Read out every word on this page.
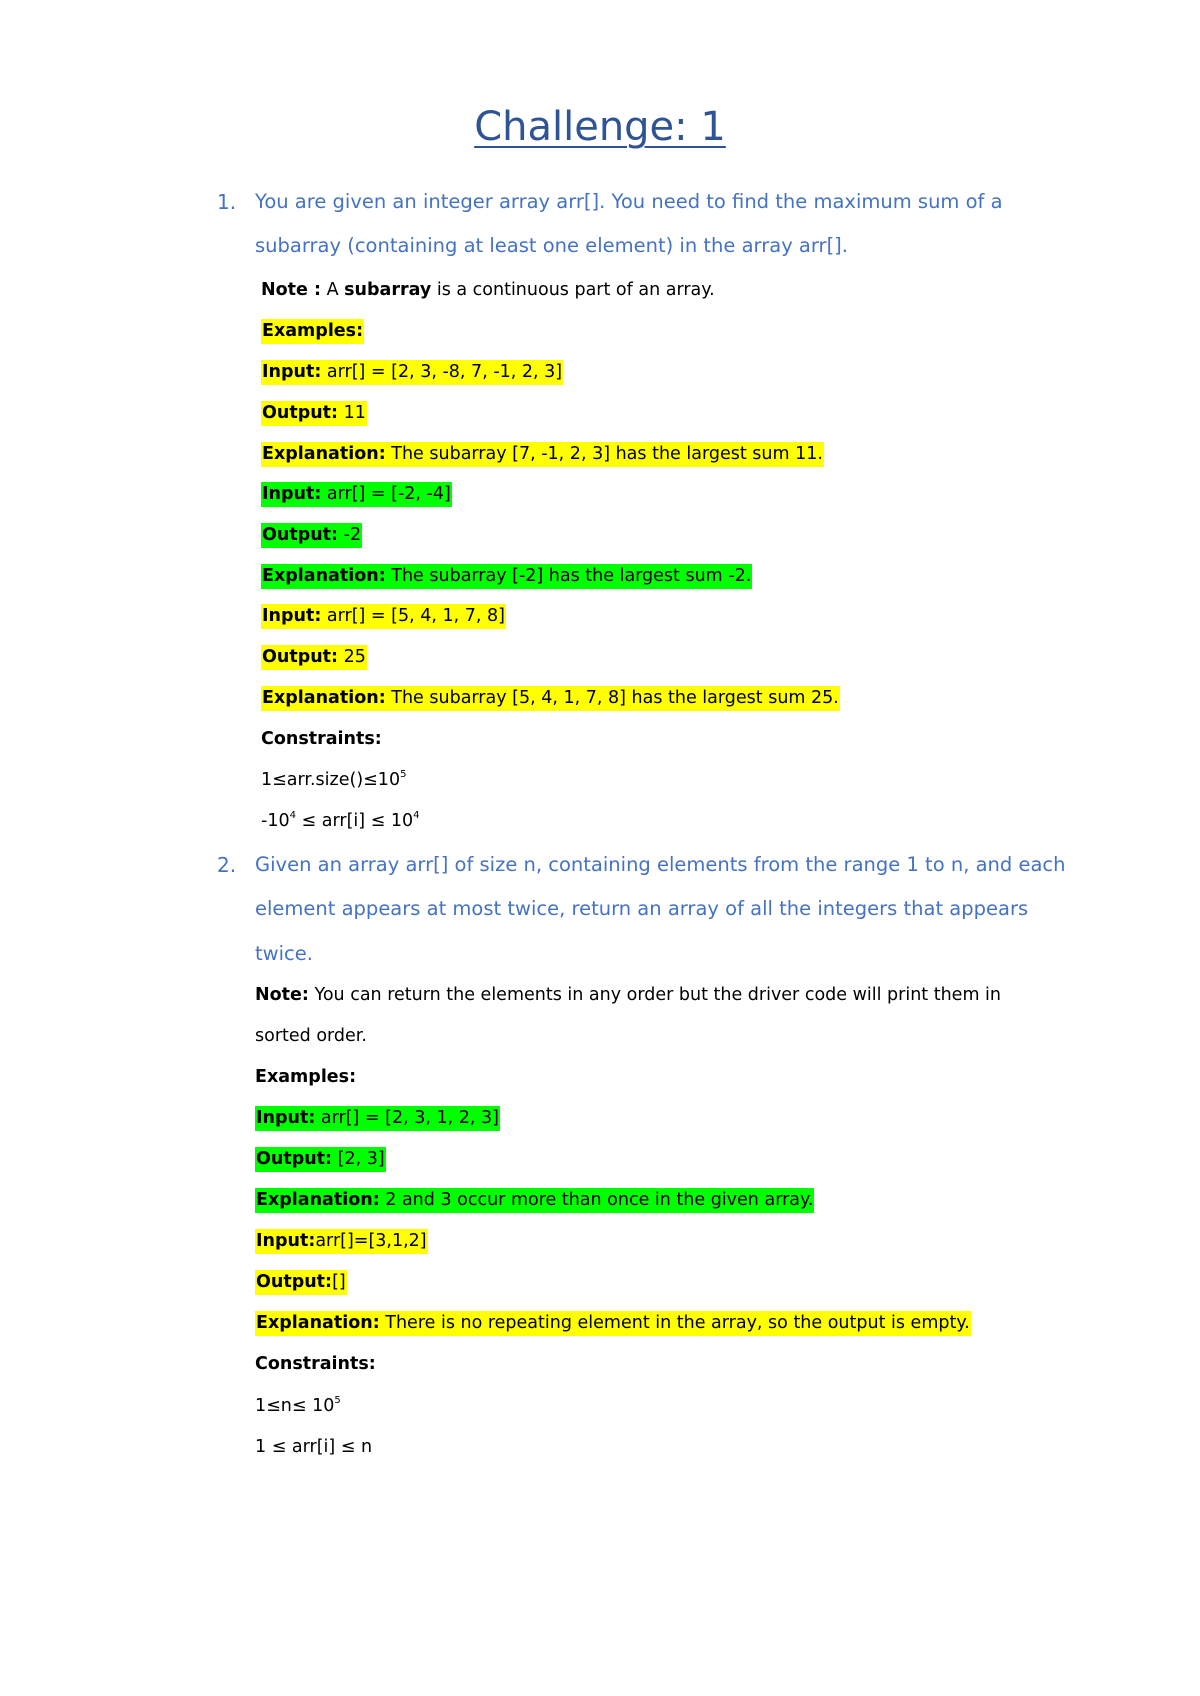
Challenge: 1
1. You are given an integer array arr[]. You need to find the maximum sum of a
subarray (containing at least one element) in the array arr[].
Note : A subarray is a continuous part of an array.
Examples:
Input: arr[] = [2, 3, -8, 7, -1, 2, 3]
Output: 11
Explanation: The subarray [7, -1, 2, 3] has the largest sum 11.
Input: arr[] = [-2, -4]
Output: -2
Explanation: The subarray [-2] has the largest sum -2.
Input: arr[] = [5, 4, 1, 7, 8]
Output: 25
Explanation: The subarray [5, 4, 1, 7, 8] has the largest sum 25.
Constraints:
$1\le arr.size()\le 10^5$
$-10^4 \le arr[i] \le 10^4$
2. Given an array arr[] of size n, containing elements from the range 1 to n, and each
element appears at most twice, return an array of all the integers that appears
twice.
Note: You can return the elements in any order but the driver code will print them in
sorted order.
Examples:
Input: arr[] = [2, 3, 1, 2, 3]
Output: [2, 3]
Explanation: 2 and 3 occur more than once in the given array.
Input:arr[]=[3,1,2]
Output:[]
Explanation: There is no repeating element in the array, so the output is empty.
Constraints:
$1\le n\le 10^5$
1 ≤ arr[i] ≤ n
